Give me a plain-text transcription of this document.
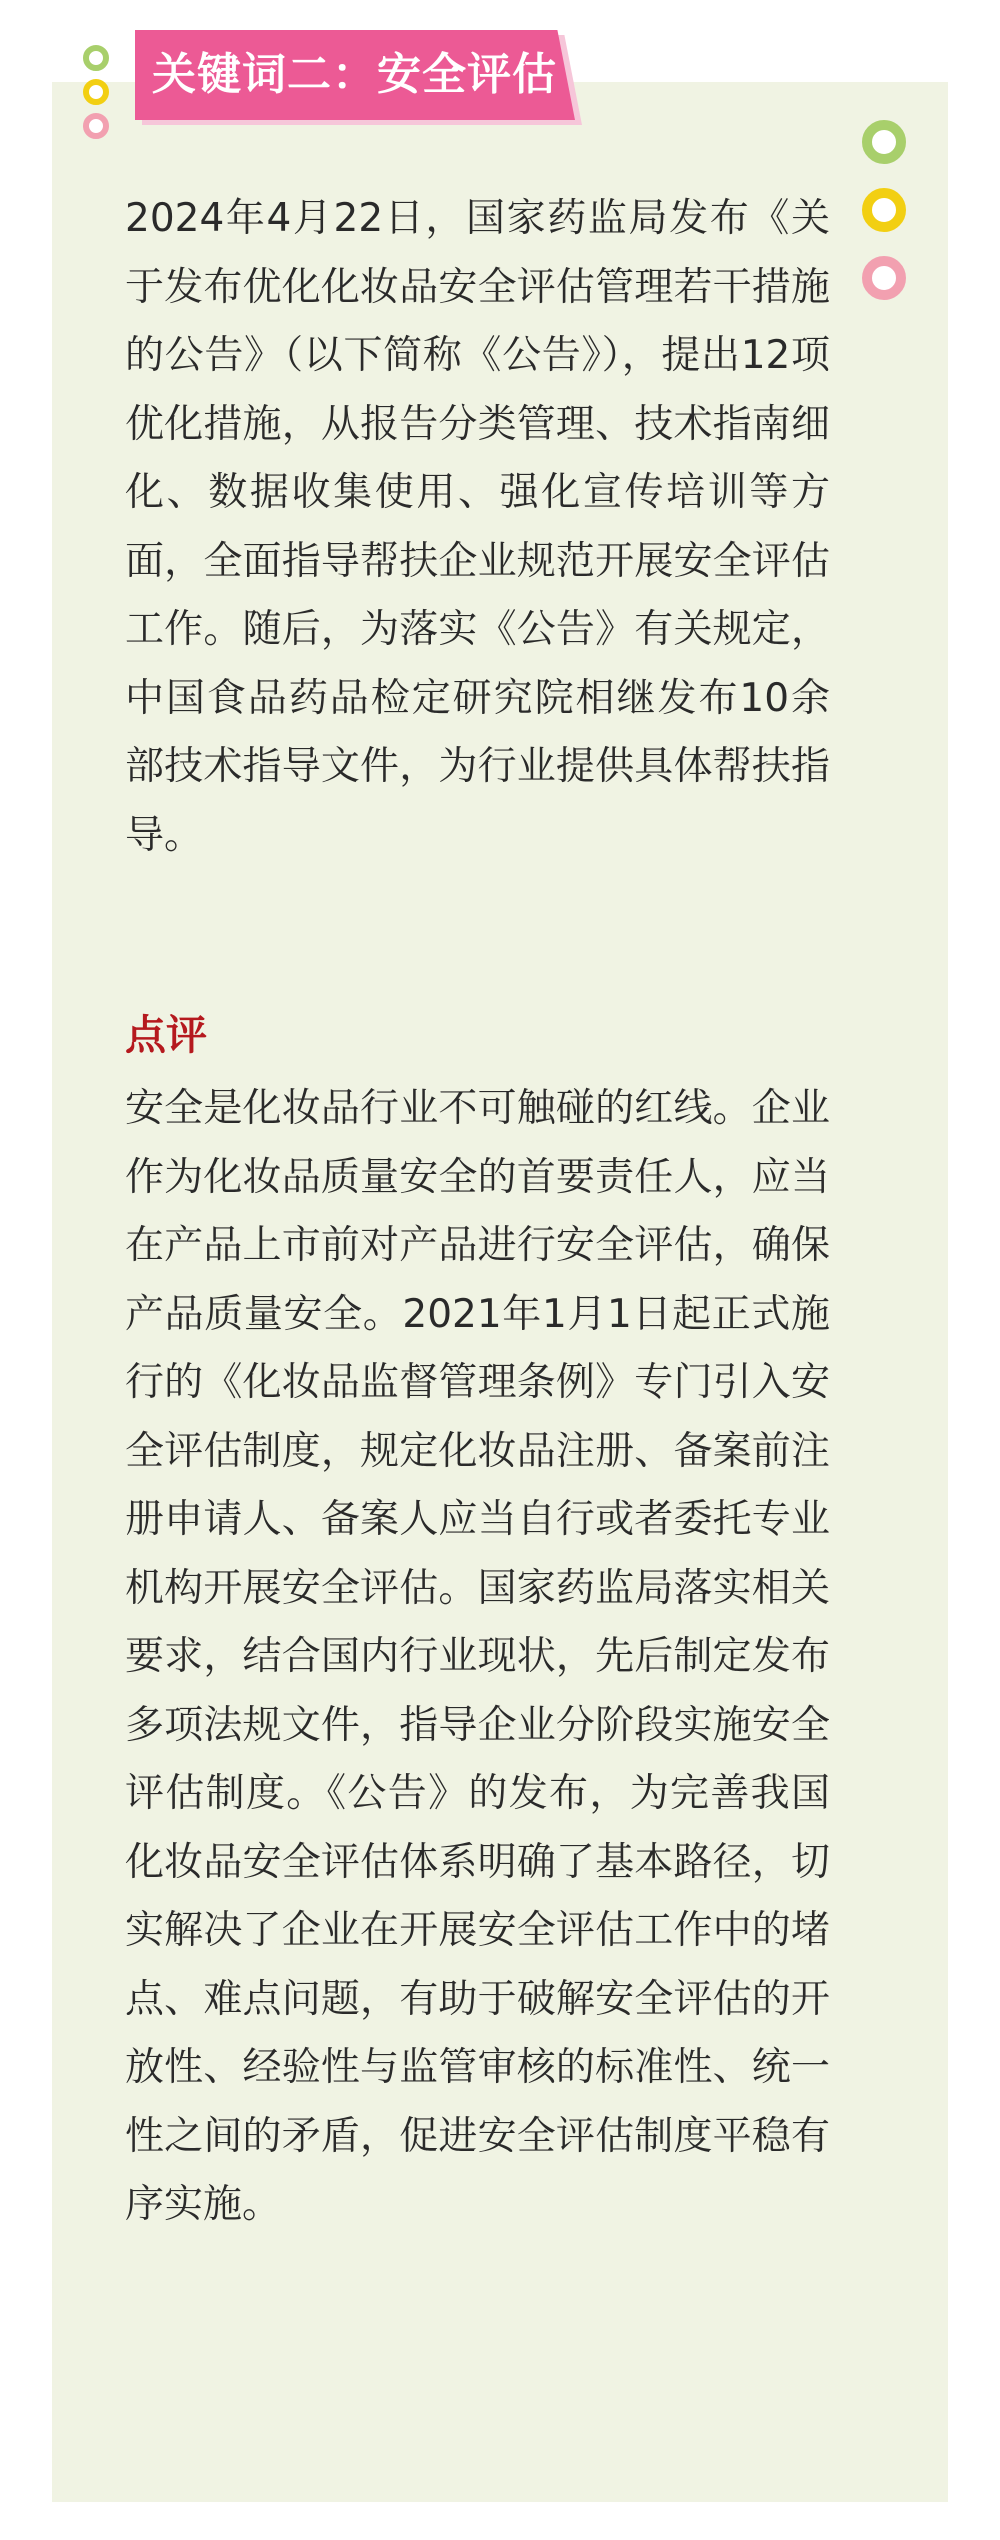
关键词二：安全评估

2024年4月22日，国家药监局发布《关于发布优化化妆品安全评估管理若干措施的公告》（以下简称《公告》），提出12项优化措施，从报告分类管理、技术指南细化、数据收集使用、强化宣传培训等方面，全面指导帮扶企业规范开展安全评估工作。随后，为落实《公告》有关规定，中国食品药品检定研究院相继发布10余部技术指导文件，为行业提供具体帮扶指导。

点评

安全是化妆品行业不可触碰的红线。企业作为化妆品质量安全的首要责任人，应当在产品上市前对产品进行安全评估，确保产品质量安全。2021年1月1日起正式施行的《化妆品监督管理条例》专门引入安全评估制度，规定化妆品注册、备案前注册申请人、备案人应当自行或者委托专业机构开展安全评估。国家药监局落实相关要求，结合国内行业现状，先后制定发布多项法规文件，指导企业分阶段实施安全评估制度。《公告》的发布，为完善我国化妆品安全评估体系明确了基本路径，切实解决了企业在开展安全评估工作中的堵点、难点问题，有助于破解安全评估的开放性、经验性与监管审核的标准性、统一性之间的矛盾，促进安全评估制度平稳有序实施。
